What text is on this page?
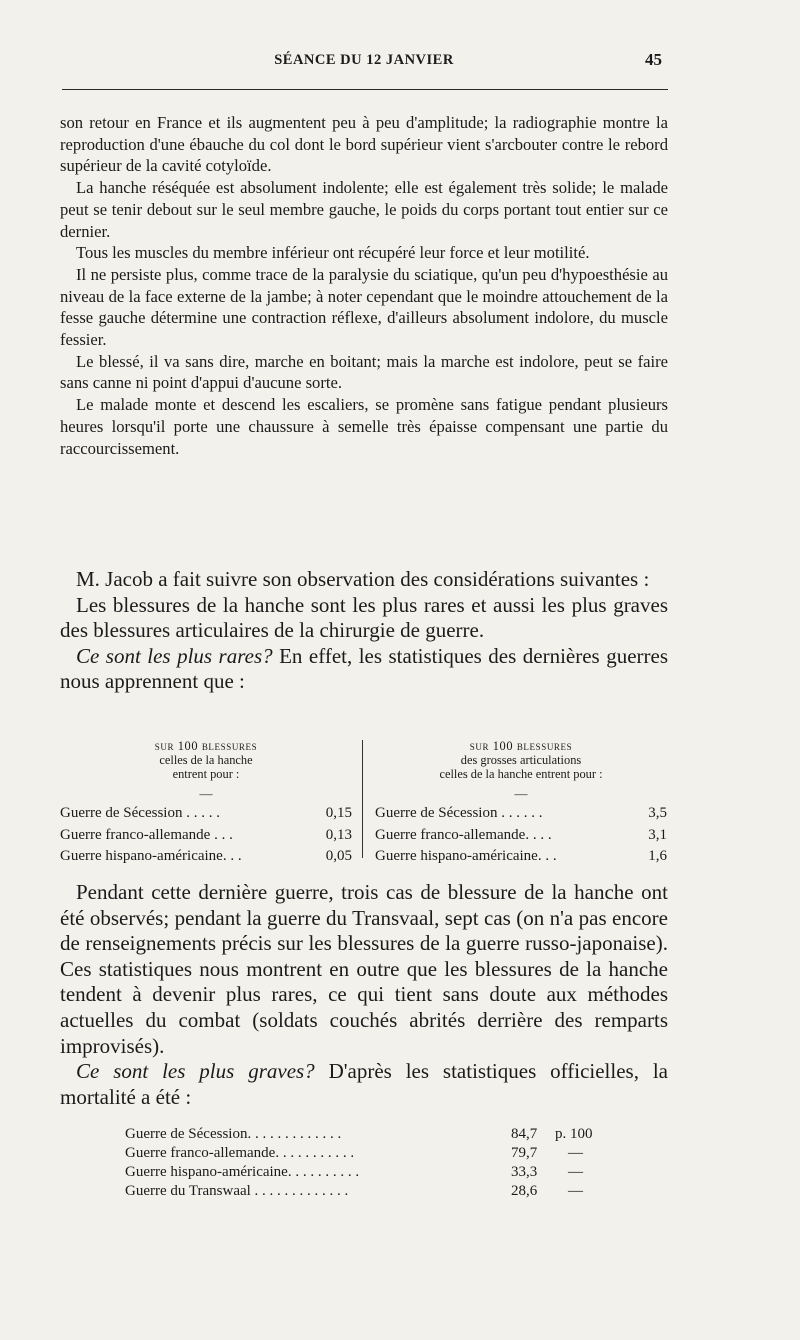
SÉANCE DU 12 JANVIER	45

son retour en France et ils augmentent peu à peu d'amplitude; la radiographie montre la reproduction d'une ébauche du col dont le bord supérieur vient s'arcbouter contre le rebord supérieur de la cavité cotyloïde.

La hanche réséquée est absolument indolente; elle est également très solide; le malade peut se tenir debout sur le seul membre gauche, le poids du corps portant tout entier sur ce dernier.

Tous les muscles du membre inférieur ont récupéré leur force et leur motilité.

Il ne persiste plus, comme trace de la paralysie du sciatique, qu'un peu d'hypoesthésie au niveau de la face externe de la jambe; à noter cependant que le moindre attouchement de la fesse gauche détermine une contraction réflexe, d'ailleurs absolument indolore, du muscle fessier.

Le blessé, il va sans dire, marche en boitant; mais la marche est indolore, peut se faire sans canne ni point d'appui d'aucune sorte.

Le malade monte et descend les escaliers, se promène sans fatigue pendant plusieurs heures lorsqu'il porte une chaussure à semelle très épaisse compensant une partie du raccourcissement.

M. Jacob a fait suivre son observation des considérations suivantes :

Les blessures de la hanche sont les plus rares et aussi les plus graves des blessures articulaires de la chirurgie de guerre.

Ce sont les plus rares? En effet, les statistiques des dernières guerres nous apprennent que :

sur 100 blessures
celles de la hanche
entrent pour :
—
Guerre de Sécession . . . . .	0,15
Guerre franco-allemande . . .	0,13
Guerre hispano-américaine. . .	0,05
sur 100 blessures
des grosses articulations
celles de la hanche entrent pour :
—
Guerre de Sécession . . . . . .	3,5
Guerre franco-allemande. . . .	3,1
Guerre hispano-américaine. . .	1,6

Pendant cette dernière guerre, trois cas de blessure de la hanche ont été observés; pendant la guerre du Transvaal, sept cas (on n'a pas encore de renseignements précis sur les blessures de la guerre russo-japonaise). Ces statistiques nous montrent en outre que les blessures de la hanche tendent à devenir plus rares, ce qui tient sans doute aux méthodes actuelles du combat (soldats couchés abrités derrière des remparts improvisés).

Ce sont les plus graves? D'après les statistiques officielles, la mortalité a été :

Guerre de Sécession. . . . . . . . . . . . .	84,7 p. 100
Guerre franco-allemande. . . . . . . . . . .	79,7 —
Guerre hispano-américaine. . . . . . . . . .	33,3 —
Guerre du Transwaal . . . . . . . . . . . . .	28,6 —
